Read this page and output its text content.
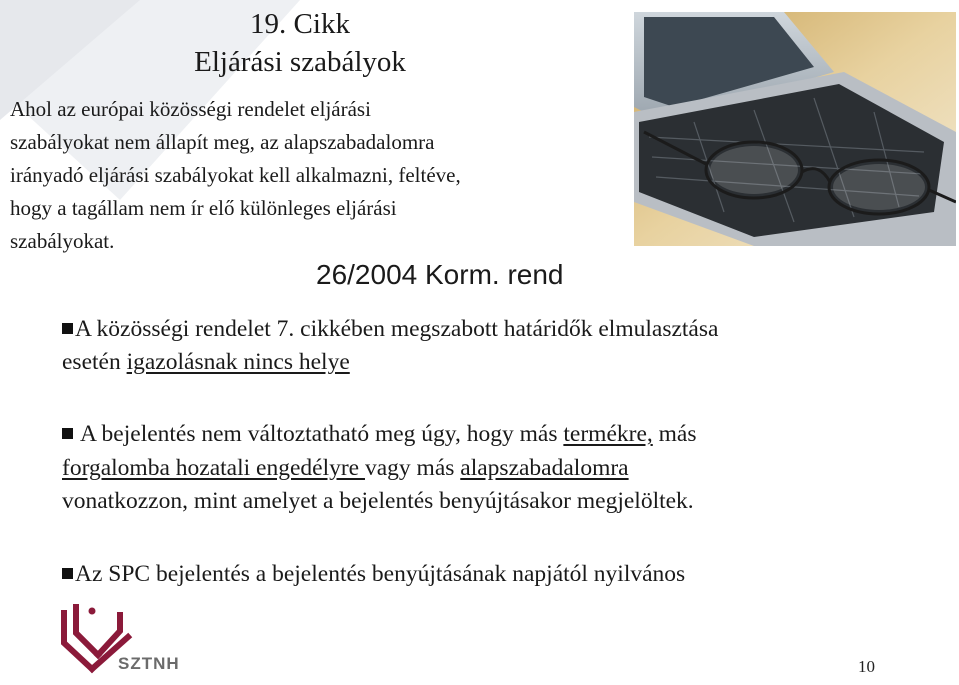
19. Cikk
Eljárási szabályok
Ahol az európai közösségi rendelet eljárási
szabályokat nem állapít meg, az alapszabadalomra
irányadó eljárási szabályokat kell alkalmazni, feltéve,
hogy a tagállam nem ír elő különleges eljárási
szabályokat.
26/2004 Korm. rend
A közösségi rendelet 7. cikkében megszabott határidők elmulasztása
esetén igazolásnak nincs helye
A bejelentés nem változtatható meg úgy, hogy más termékre, más
forgalomba hozatali engedélyre vagy más alapszabadalomra
vonatkozzon, mint amelyet a bejelentés benyújtásakor megjelöltek.
Az SPC bejelentés a bejelentés benyújtásának napjától nyilvános
SZTNH	10
